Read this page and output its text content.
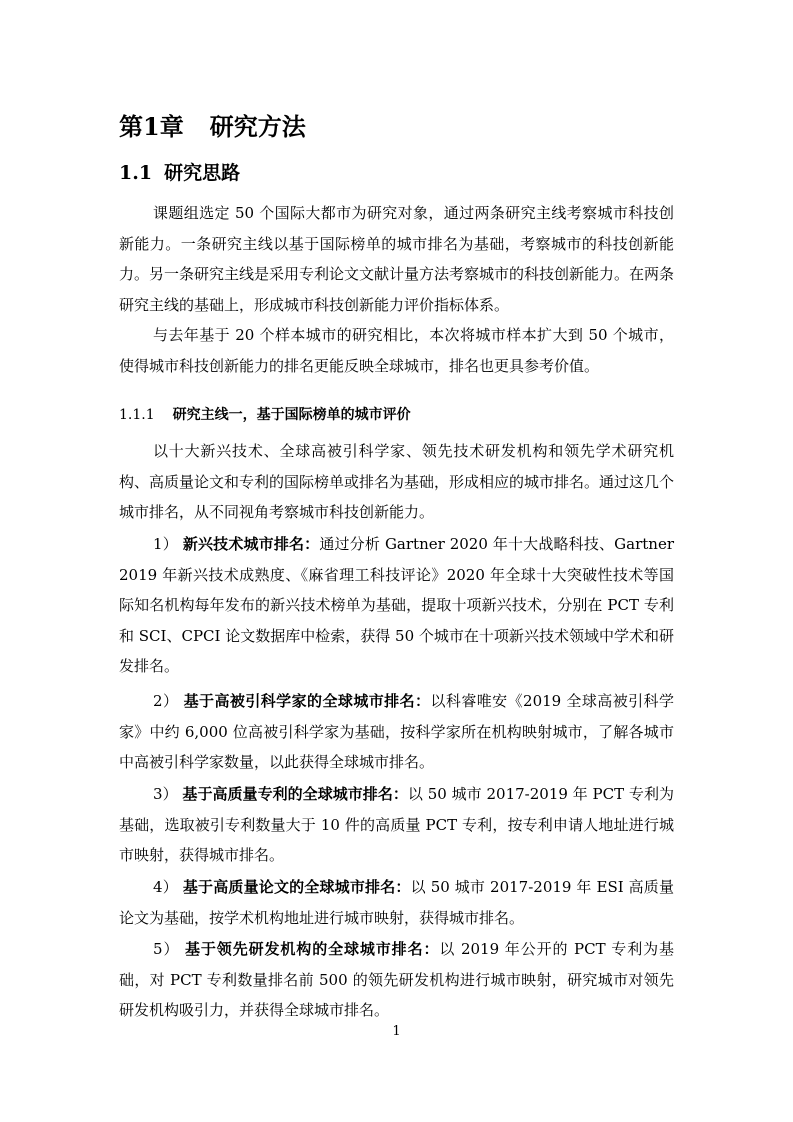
第1章 研究方法
1.1 研究思路

课题组选定 50 个国际大都市为研究对象，通过两条研究主线考察城市科技创新能力。一条研究主线以基于国际榜单的城市排名为基础，考察城市的科技创新能力。另一条研究主线是采用专利论文文献计量方法考察城市的科技创新能力。在两条研究主线的基础上，形成城市科技创新能力评价指标体系。

与去年基于 20 个样本城市的研究相比，本次将城市样本扩大到 50 个城市，使得城市科技创新能力的排名更能反映全球城市，排名也更具参考价值。

1.1.1 研究主线一，基于国际榜单的城市评价

以十大新兴技术、全球高被引科学家、领先技术研发机构和领先学术研究机构、高质量论文和专利的国际榜单或排名为基础，形成相应的城市排名。通过这几个城市排名，从不同视角考察城市科技创新能力。

1） 新兴技术城市排名：通过分析 Gartner 2020 年十大战略科技、Gartner 2019 年新兴技术成熟度、《麻省理工科技评论》2020 年全球十大突破性技术等国际知名机构每年发布的新兴技术榜单为基础，提取十项新兴技术，分别在 PCT 专利和 SCI、CPCI 论文数据库中检索，获得 50 个城市在十项新兴技术领域中学术和研发排名。

2） 基于高被引科学家的全球城市排名：以科睿唯安《2019 全球高被引科学家》中约 6,000 位高被引科学家为基础，按科学家所在机构映射城市，了解各城市中高被引科学家数量，以此获得全球城市排名。

3） 基于高质量专利的全球城市排名：以 50 城市 2017-2019 年 PCT 专利为基础，选取被引专利数量大于 10 件的高质量 PCT 专利，按专利申请人地址进行城市映射，获得城市排名。

4） 基于高质量论文的全球城市排名：以 50 城市 2017-2019 年 ESI 高质量论文为基础，按学术机构地址进行城市映射，获得城市排名。

5） 基于领先研发机构的全球城市排名：以 2019 年公开的 PCT 专利为基础，对 PCT 专利数量排名前 500 的领先研发机构进行城市映射，研究城市对领先研发机构吸引力，并获得全球城市排名。

1
